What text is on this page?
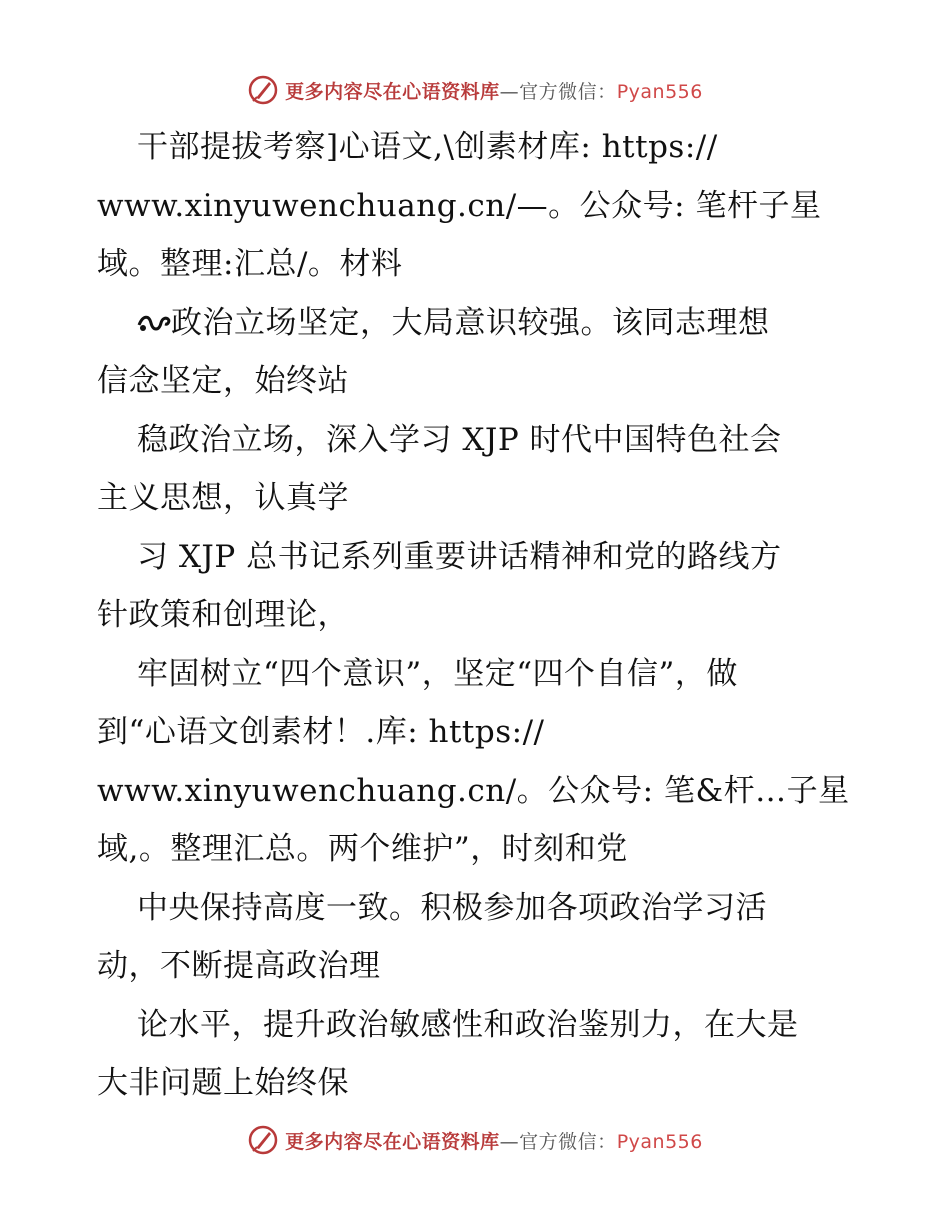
更多内容尽在心语资料库—官方微信：Pyan556
干部提拔考察]心语文,\创素材库: https://
www.xinyuwenchuang.cn/—。公众号: 笔杆子星
域。整理:汇总/。材料
政治立场坚定，大局意识较强。该同志理想
信念坚定，始终站
稳政治立场，深入学习 XJP 时代中国特色社会
主义思想，认真学
习 XJP 总书记系列重要讲话精神和党的路线方
针政策和创理论，
牢固树立“四个意识”，坚定“四个自信”，做
到“心语文创素材！.库: https://
www.xinyuwenchuang.cn/。公众号: 笔&杆…子星
域,。整理汇总。两个维护”，时刻和党
中央保持高度一致。积极参加各项政治学习活
动，不断提高政治理
论水平，提升政治敏感性和政治鉴别力，在大是
大非问题上始终保
更多内容尽在心语资料库—官方微信：Pyan556
